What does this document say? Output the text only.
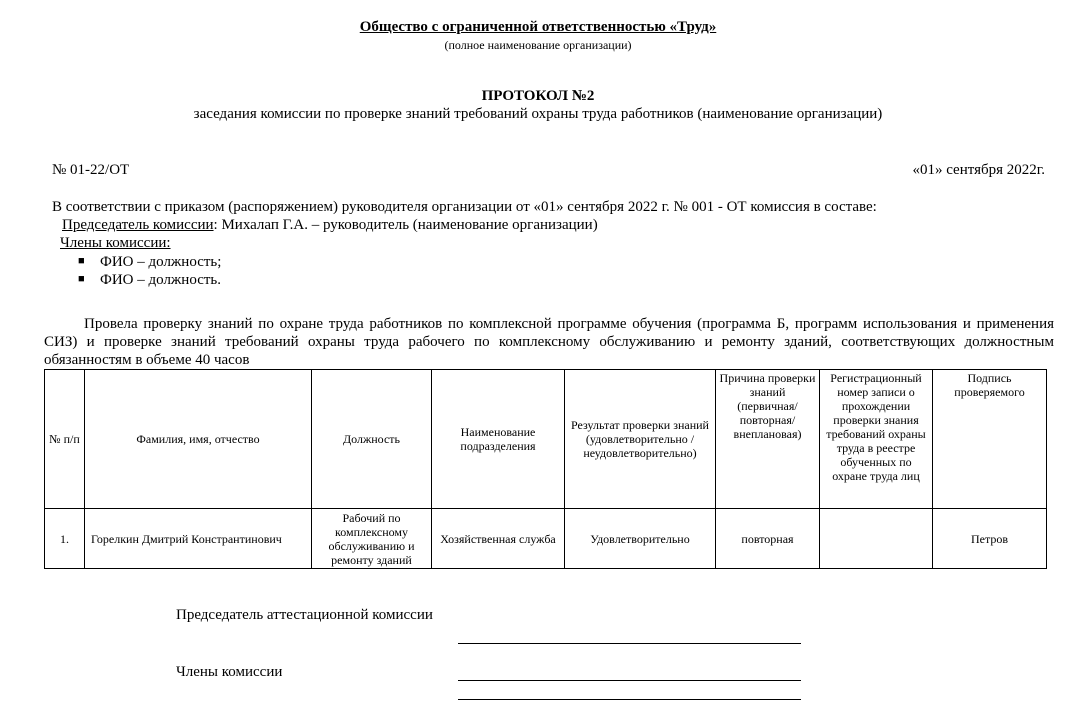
Общество с ограниченной ответственностью «Труд»
(полное наименование организации)
ПРОТОКОЛ №2
заседания комиссии по проверке знаний требований охраны труда работников (наименование организации)
№ 01-22/ОТ	«01» сентября 2022г.
В соответствии с приказом (распоряжением) руководителя организации от «01» сентября 2022 г. № 001 - ОТ комиссия в составе:
Председатель комиссии: Михалап Г.А. – руководитель (наименование организации)
Члены комиссии:
■ ФИО – должность;
■ ФИО – должность.
Провела проверку знаний по охране труда работников по комплексной программе обучения (программа Б, программ использования и применения СИЗ) и проверке знаний требований охраны труда рабочего по комплексному обслуживанию и ремонту зданий, соответствующих должностным обязанностям в объеме 40 часов
№ п/п	Фамилия, имя, отчество	Должность	Наименование подразделения	Результат проверки знаний (удовлетворительно / неудовлетворительно)	Причина проверки знаний (первичная/ повторная/ внеплановая)	Регистрационный номер записи о прохождении проверки знания требований охраны труда в реестре обученных по охране труда лиц	Подпись проверяемого
1.	Горелкин Дмитрий Констрантинович	Рабочий по комплексному обслуживанию и ремонту зданий	Хозяйственная служба	Удовлетворительно	повторная		Петров
Председатель аттестационной комиссии
Члены комиссии
